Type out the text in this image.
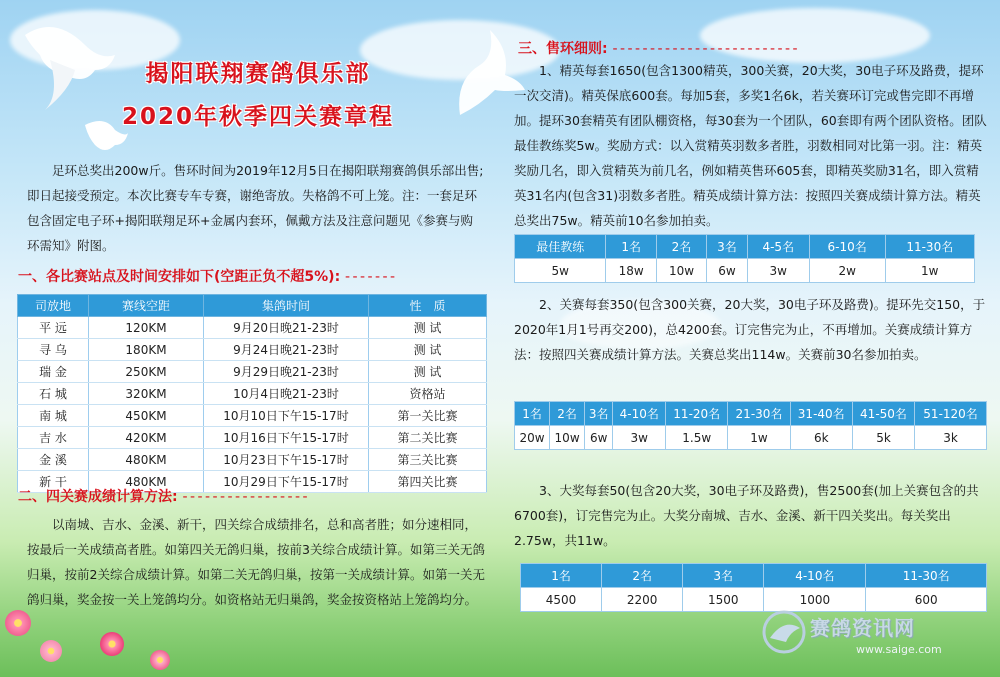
揭阳联翔赛鸽俱乐部
2020年秋季四关赛章程

足环总奖出200w斤。售环时间为2019年12月5日在揭阳联翔赛鸽俱乐部出售;即日起接受预定。本次比赛专车专赛，谢绝寄放。失格鸽不可上笼。注：一套足环包含固定电子环+揭阳联翔足环+金属内套环，佩戴方法及注意问题见《参赛与购环需知》附图。

一、各比赛站点及时间安排如下(空距正负不超5%): - - - - - - -

司放地	赛线空距	集鸽时间	性　质
平 远	120KM	9月20日晚21-23时	测 试
寻 乌	180KM	9月24日晚21-23时	测 试
瑞 金	250KM	9月29日晚21-23时	测 试
石 城	320KM	10月4日晚21-23时	资格站
南 城	450KM	10月10日下午15-17时	第一关比赛
吉 水	420KM	10月16日下午15-17时	第二关比赛
金 溪	480KM	10月23日下午15-17时	第三关比赛
新 干	480KM	10月29日下午15-17时	第四关比赛

二、四关赛成绩计算方法: - - - - - - - - - - - - - - - - -

以南城、吉水、金溪、新干，四关综合成绩排名，总和高者胜；如分速相同，按最后一关成绩高者胜。如第四关无鸽归巢，按前3关综合成绩计算。如第三关无鸽归巢，按前2关综合成绩计算。如第二关无鸽归巢，按第一关成绩计算。如第一关无鸽归巢，奖金按一关上笼鸽均分。如资格站无归巢鸽，奖金按资格站上笼鸽均分。

三、售环细则: - - - - - - - - - - - - - - - - - - - - - - - - -

1、精英每套1650(包含1300精英，300关赛，20大奖，30电子环及路费，提环一次交清)。精英保底600套。每加5套，多奖1名6k，若关赛环订完或售完即不再增加。提环30套精英有团队棚资格，每30套为一个团队，60套即有两个团队资格。团队最佳教练奖5w。奖励方式：以入赏精英羽数多者胜，羽数相同对比第一羽。注：精英奖励几名，即入赏精英为前几名，例如精英售环605套，即精英奖励31名，即入赏精英31名内(包含31)羽数多者胜。精英成绩计算方法：按照四关赛成绩计算方法。精英总奖出75w。精英前10名参加拍卖。

最佳教练	1名	2名	3名	4-5名	6-10名	11-30名
5w	18w	10w	6w	3w	2w	1w

2、关赛每套350(包含300关赛，20大奖，30电子环及路费)。提环先交150，于2020年1月1号再交200)，总4200套。订完售完为止，不再增加。关赛成绩计算方法：按照四关赛成绩计算方法。关赛总奖出114w。关赛前30名参加拍卖。

1名	2名	3名	4-10名	11-20名	21-30名	31-40名	41-50名	51-120名
20w	10w	6w	3w	1.5w	1w	6k	5k	3k

3、大奖每套50(包含20大奖，30电子环及路费)，售2500套(加上关赛包含的共6700套)，订完售完为止。大奖分南城、吉水、金溪、新干四关奖出。每关奖出2.75w，共11w。

1名	2名	3名	4-10名	11-30名
4500	2200	1500	1000	600
赛鸽资讯网
www.saige.com
